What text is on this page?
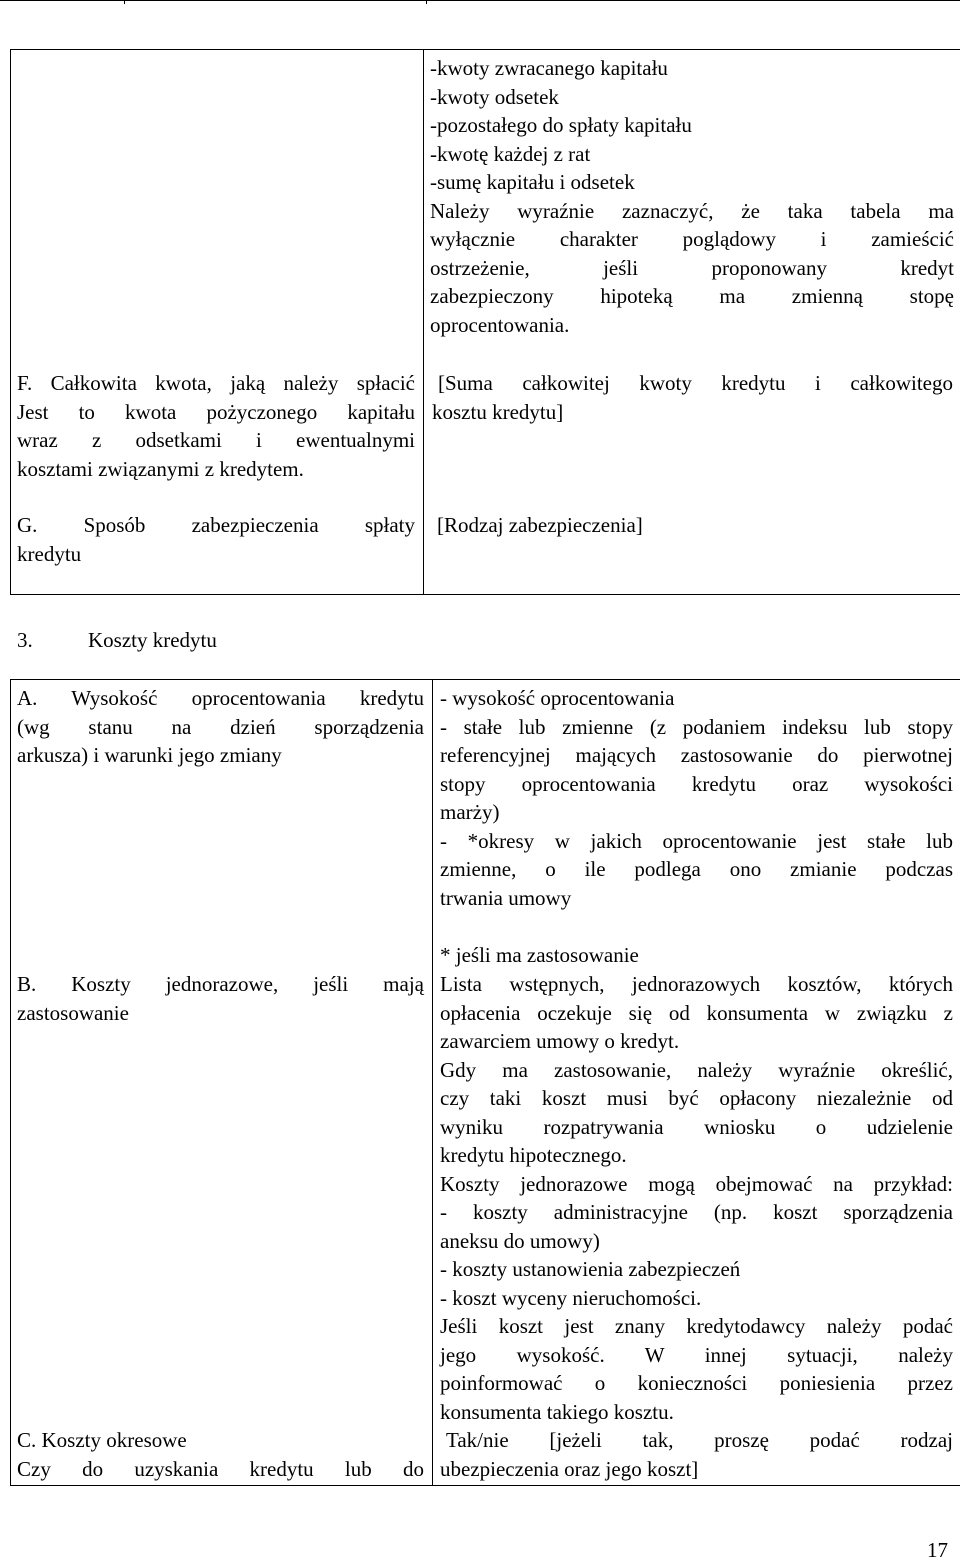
-kwoty zwracanego kapitału
-kwoty odsetek
-pozostałego do spłaty kapitału
-kwotę każdej z rat
-sumę kapitału i odsetek
Należy wyraźnie zaznaczyć, że taka tabela ma
wyłącznie charakter poglądowy i zamieścić
ostrzeżenie, jeśli proponowany kredyt
zabezpieczony hipoteką ma zmienną stopę
oprocentowania.
F. Całkowita kwota, jaką należy spłacić
Jest to kwota pożyczonego kapitału
wraz z odsetkami i ewentualnymi
kosztami związanymi z kredytem.
[Suma całkowitej kwoty kredytu i całkowitego
kosztu kredytu]
G. Sposób zabezpieczenia spłaty
kredytu
[Rodzaj zabezpieczenia]
3.	Koszty kredytu
A. Wysokość oprocentowania kredytu
(wg stanu na dzień sporządzenia
arkusza) i warunki jego zmiany
- wysokość oprocentowania
- stałe lub zmienne (z podaniem indeksu lub stopy
referencyjnej mających zastosowanie do pierwotnej
stopy oprocentowania kredytu oraz wysokości
marży)
- *okresy w jakich oprocentowanie jest stałe lub
zmienne, o ile podlega ono zmianie podczas
trwania umowy
* jeśli ma zastosowanie
B. Koszty jednorazowe, jeśli mają
zastosowanie
Lista wstępnych, jednorazowych kosztów, których
opłacenia oczekuje się od konsumenta w związku z
zawarciem umowy o kredyt.
Gdy ma zastosowanie, należy wyraźnie określić,
czy taki koszt musi być opłacony niezależnie od
wyniku rozpatrywania wniosku o udzielenie
kredytu hipotecznego.
Koszty jednorazowe mogą obejmować na przykład:
- koszty administracyjne (np. koszt sporządzenia
aneksu do umowy)
- koszty ustanowienia zabezpieczeń
- koszt wyceny nieruchomości.
Jeśli koszt jest znany kredytodawcy należy podać
jego wysokość. W innej sytuacji, należy
poinformować o konieczności poniesienia przez
konsumenta takiego kosztu.
C. Koszty okresowe
Czy do uzyskania kredytu lub do
Tak/nie [jeżeli tak, proszę podać rodzaj
ubezpieczenia oraz jego koszt]
17
